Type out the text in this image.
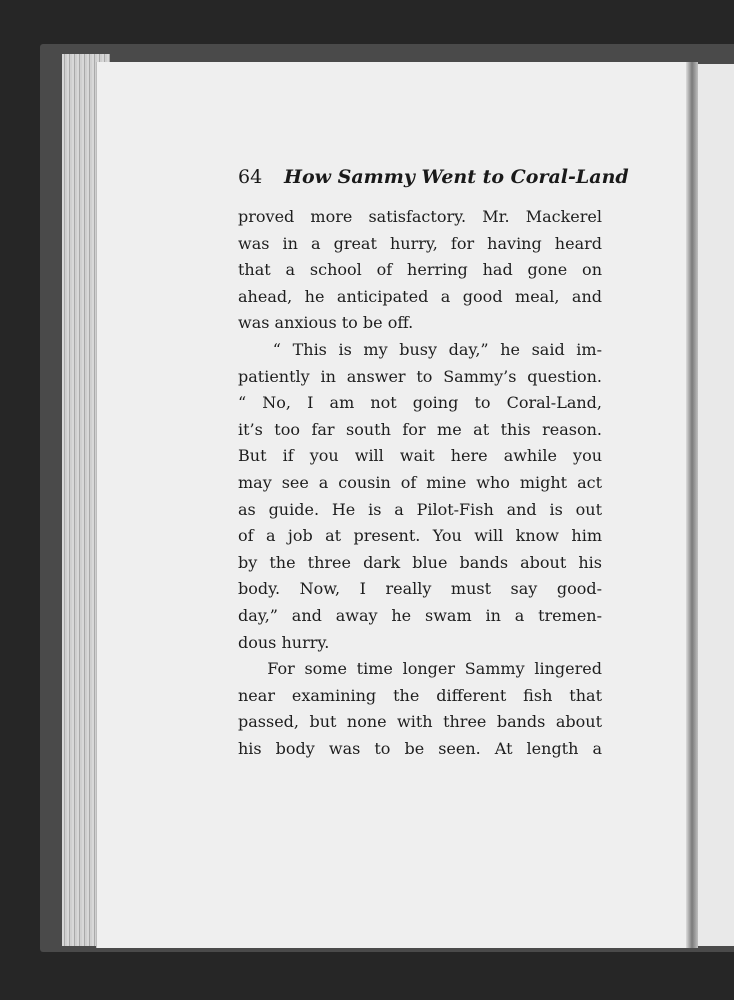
64 How Sammy Went to Coral-Land
proved more satisfactory. Mr. Mackerel
was in a great hurry, for having heard
that a school of herring had gone on
ahead, he anticipated a good meal, and
was anxious to be off.
“ This is my busy day,” he said im-
patiently in answer to Sammy’s question.
“ No, I am not going to Coral-Land,
it’s too far south for me at this reason.
But if you will wait here awhile you
may see a cousin of mine who might act
as guide. He is a Pilot-Fish and is out
of a job at present. You will know him
by the three dark blue bands about his
body. Now, I really must say good-
day,” and away he swam in a tremen-
dous hurry.
For some time longer Sammy lingered
near examining the different fish that
passed, but none with three bands about
his body was to be seen. At length a
